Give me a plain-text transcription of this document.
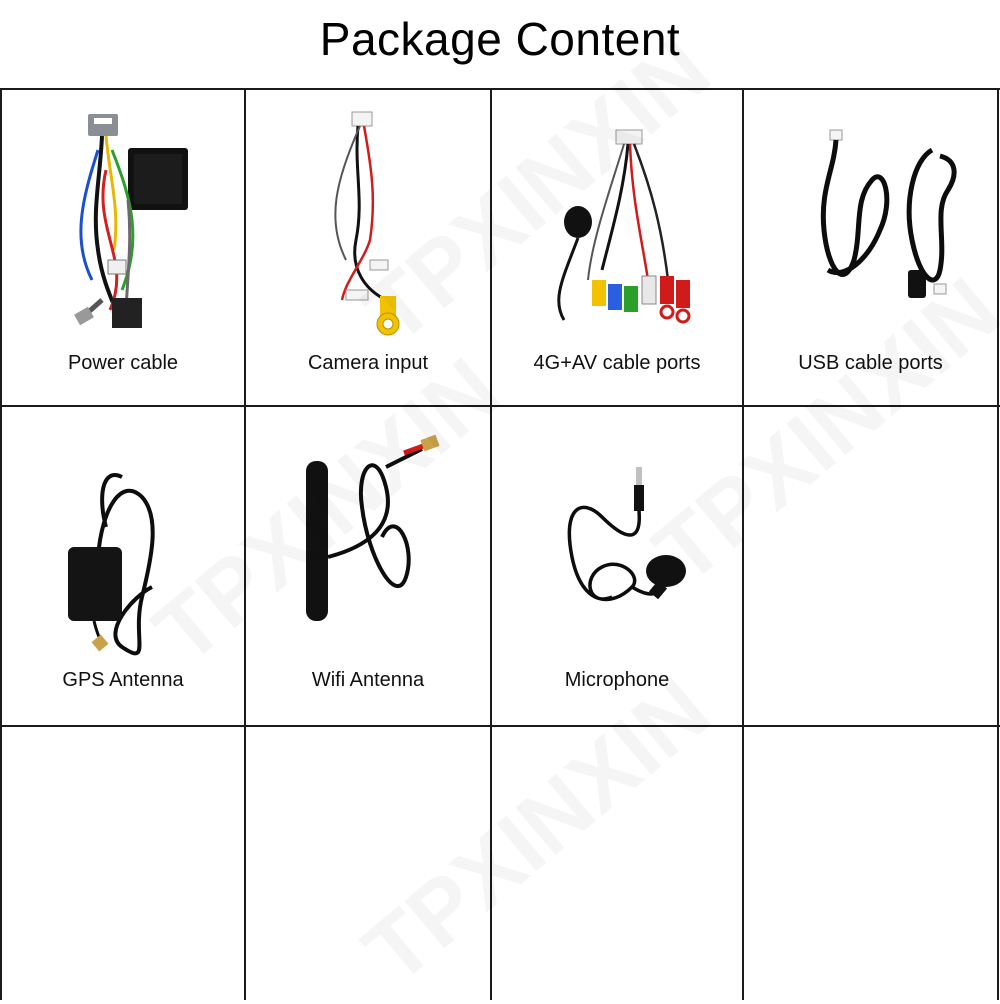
Package Content
Power cable	Camera input	4G+AV cable ports	USB cable ports
GPS Antenna	Wifi Antenna	Microphone
